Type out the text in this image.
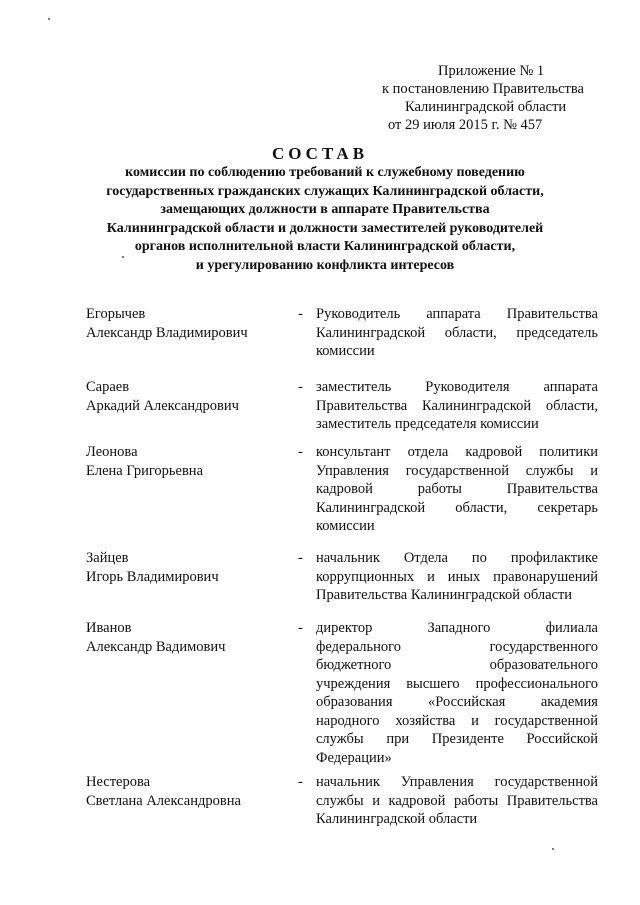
Приложение № 1
к постановлению Правительства
Калининградской области
от 29 июля 2015 г. № 457
СОСТАВ
комиссии по соблюдению требований к служебному поведению
государственных гражданских служащих Калининградской области,
замещающих должности в аппарате Правительства
Калининградской области и должности заместителей руководителей
органов исполнительной власти Калининградской области,
и урегулированию конфликта интересов
Егорычев
Александр Владимирович
- Руководитель аппарата Правительства
Калининградской области, председатель
комиссии
Сараев
Аркадий Александрович
- заместитель Руководителя аппарата
Правительства Калининградской области,
заместитель председателя комиссии
Леонова
Елена Григорьевна
- консультант отдела кадровой политики
Управления государственной службы и
кадровой	работы	Правительства
Калининградской области, секретарь
комиссии
Зайцев
Игорь Владимирович
- начальник Отдела по профилактике
коррупционных и иных правонарушений
Правительства Калининградской области
Иванов
Александр Вадимович
- директор	Западного	филиала
федерального	государственного
бюджетного	образовательного
учреждения высшего профессионального
образования «Российская академия
народного хозяйства и государственной
службы при Президенте Российской
Федерации»
Нестерова
Светлана Александровна
- начальник Управления государственной
службы и кадровой работы Правительства
Калининградской области
